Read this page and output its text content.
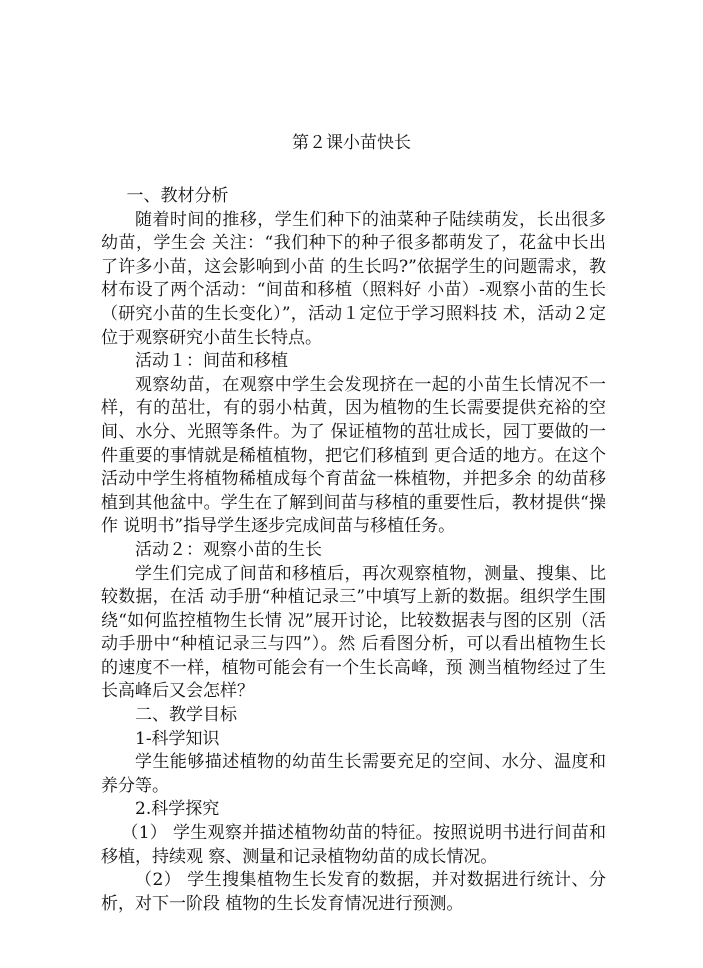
第２课小苗快长

一、教材分析

随着时间的推移，学生们种下的油菜种子陆续萌发，长出很多幼苗，学生会 关注：“我们种下的种子很多都萌发了，花盆中长出了许多小苗，这会影响到小苗 的生长吗?”依据学生的问题需求，教材布设了两个活动：“间苗和移植（照料好 小苗）-观察小苗的生长（研究小苗的生长变化）”，活动１定位于学习照料技 术，活动２定位于观察研究小苗生长特点。

活动１：间苗和移植

观察幼苗，在观察中学生会发现挤在一起的小苗生长情况不一样，有的茁壮，有的弱小枯黄，因为植物的生长需要提供充裕的空间、水分、光照等条件。为了 保证植物的茁壮成长，园丁要做的一件重要的事情就是稀植植物，把它们移植到 更合适的地方。在这个活动中学生将植物稀植成每个育苗盆一株植物，并把多余 的幼苗移植到其他盆中。学生在了解到间苗与移植的重要性后，教材提供“操作 说明书”指导学生逐步完成间苗与移植任务。

活动２：观察小苗的生长

学生们完成了间苗和移植后，再次观察植物，测量、搜集、比较数据，在活 动手册“种植记录三”中填写上新的数据。组织学生围绕“如何监控植物生长情 况”展开讨论，比较数据表与图的区别（活动手册中“种植记录三与四”）。然 后看图分析，可以看出植物生长的速度不一样，植物可能会有一个生长高峰，预 测当植物经过了生长高峰后又会怎样？

二、教学目标

1-科学知识

学生能够描述植物的幼苗生长需要充足的空间、水分、温度和养分等。

2.科学探究

（1） 学生观察并描述植物幼苗的特征。按照说明书进行间苗和移植，持续观 察、测量和记录植物幼苗的成长情况。

（2） 学生搜集植物生长发育的数据，并对数据进行统计、分析，对下一阶段 植物的生长发育情况进行预测。
